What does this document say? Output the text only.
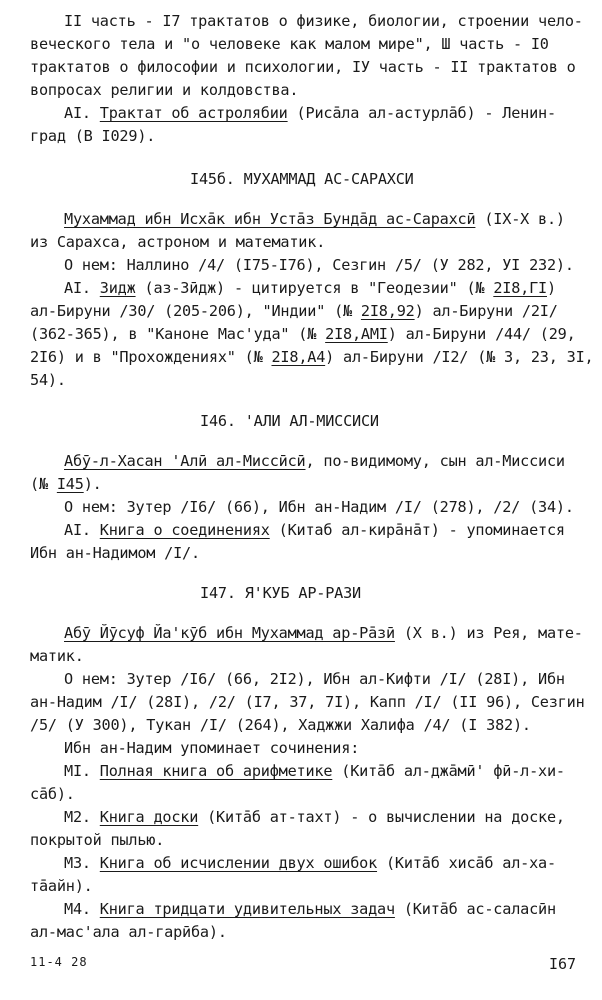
II часть - I7 трактатов о физике, биологии, строении чело-
веческого тела и "о человеке как малом мире", Ш часть - I0
трактатов о философии и психологии, IУ часть - II трактатов о
вопросах религии и колдовства.
AI. Трактат об астролябии (Рисāла ал-астурлāб) - Ленин-
град (B I029).
I45б. МУХАММАД АС-САРАХСИ
Мухаммад ибн Исхāк ибн Устāз Бундāд ас-Сарахсӣ (IX-X в.)
из Сарахса, астроном и математик.
О нем: Наллино /4/ (I75-I76), Сезгин /5/ (У 282, УI 232).
AI. Зидж (аз-Зӣдж) - цитируется в "Геодезии" (№ 2I8,ГI)
ал-Бируни /30/ (205-206), "Индии" (№ 2I8,92) ал-Бируни /2I/
(362-365), в "Каноне Мас'уда" (№ 2I8,AMI) ал-Бируни /44/ (29,
2I6) и в "Прохождениях" (№ 2I8,A4) ал-Бируни /I2/ (№ 3, 23, 3I,
54).
I46. 'АЛИ АЛ-МИССИСИ
Абӯ-л-Хасан 'Алӣ ал-Миссӣсӣ, по-видимому, сын ал-Миссиси
(№ I45).
О нем: Зутер /I6/ (66), Ибн ан-Надим /I/ (278), /2/ (34).
AI. Книга о соединениях (Китаб ал-кирāнāт) - упоминается
Ибн ан-Надимом /I/.
I47. Я'КУБ АР-РАЗИ
Абӯ Йӯсуф Йа'кӯб ибн Мухаммад ар-Рāзӣ (X в.) из Рея, мате-
матик.
О нем: Зутер /I6/ (66, 2I2), Ибн ал-Кифти /I/ (28I), Ибн
ан-Надим /I/ (28I), /2/ (I7, 37, 7I), Капп /I/ (II 96), Сезгин
/5/ (У 300), Тукан /I/ (264), Хаджжи Халифа /4/ (I 382).
Ибн ан-Надим упоминает сочинения:
MI. Полная книга об арифметике (Китāб ал-джāмӣ' фӣ-л-хи-
сāб).
M2. Книга доски (Китāб ат-тахт) - о вычислении на доске,
покрытой пылью.
M3. Книга об исчислении двух ошибок (Китāб хисāб ал-ха-
тāайн).
M4. Книга тридцати удивительных задач (Китāб ас-саласӣн
ал-мас'ала ал-гарӣба).
11-4 28	I67
